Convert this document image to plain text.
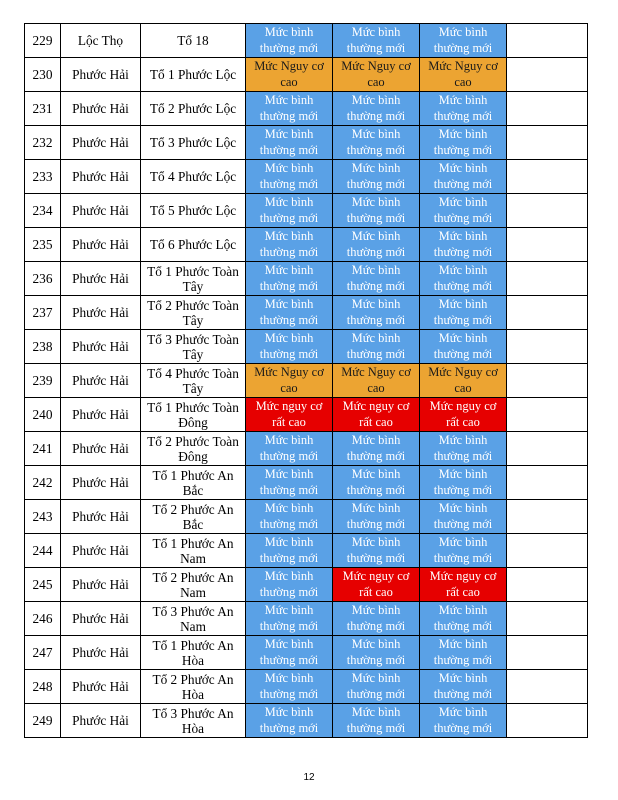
229	Lộc Thọ	Tổ 18	Mức bình thường mới	Mức bình thường mới	Mức bình thường mới	
230	Phước Hải	Tổ 1 Phước Lộc	Mức Nguy cơ cao	Mức Nguy cơ cao	Mức Nguy cơ cao	
231	Phước Hải	Tổ 2 Phước Lộc	Mức bình thường mới	Mức bình thường mới	Mức bình thường mới	
232	Phước Hải	Tổ 3 Phước Lộc	Mức bình thường mới	Mức bình thường mới	Mức bình thường mới	
233	Phước Hải	Tổ 4 Phước Lộc	Mức bình thường mới	Mức bình thường mới	Mức bình thường mới	
234	Phước Hải	Tổ 5 Phước Lộc	Mức bình thường mới	Mức bình thường mới	Mức bình thường mới	
235	Phước Hải	Tổ 6 Phước Lộc	Mức bình thường mới	Mức bình thường mới	Mức bình thường mới	
236	Phước Hải	Tổ 1 Phước Toàn Tây	Mức bình thường mới	Mức bình thường mới	Mức bình thường mới	
237	Phước Hải	Tổ 2 Phước Toàn Tây	Mức bình thường mới	Mức bình thường mới	Mức bình thường mới	
238	Phước Hải	Tổ 3 Phước Toàn Tây	Mức bình thường mới	Mức bình thường mới	Mức bình thường mới	
239	Phước Hải	Tổ 4 Phước Toàn Tây	Mức Nguy cơ cao	Mức Nguy cơ cao	Mức Nguy cơ cao	
240	Phước Hải	Tổ 1 Phước Toàn Đông	Mức nguy cơ rất cao	Mức nguy cơ rất cao	Mức nguy cơ rất cao	
241	Phước Hải	Tổ 2 Phước Toàn Đông	Mức bình thường mới	Mức bình thường mới	Mức bình thường mới	
242	Phước Hải	Tổ 1 Phước An Bắc	Mức bình thường mới	Mức bình thường mới	Mức bình thường mới	
243	Phước Hải	Tổ 2 Phước An Bắc	Mức bình thường mới	Mức bình thường mới	Mức bình thường mới	
244	Phước Hải	Tổ 1 Phước An Nam	Mức bình thường mới	Mức bình thường mới	Mức bình thường mới	
245	Phước Hải	Tổ 2 Phước An Nam	Mức bình thường mới	Mức nguy cơ rất cao	Mức nguy cơ rất cao	
246	Phước Hải	Tổ 3 Phước An Nam	Mức bình thường mới	Mức bình thường mới	Mức bình thường mới	
247	Phước Hải	Tổ 1 Phước An Hòa	Mức bình thường mới	Mức bình thường mới	Mức bình thường mới	
248	Phước Hải	Tổ 2 Phước An Hòa	Mức bình thường mới	Mức bình thường mới	Mức bình thường mới	
249	Phước Hải	Tổ 3 Phước An Hòa	Mức bình thường mới	Mức bình thường mới	Mức bình thường mới	
12
